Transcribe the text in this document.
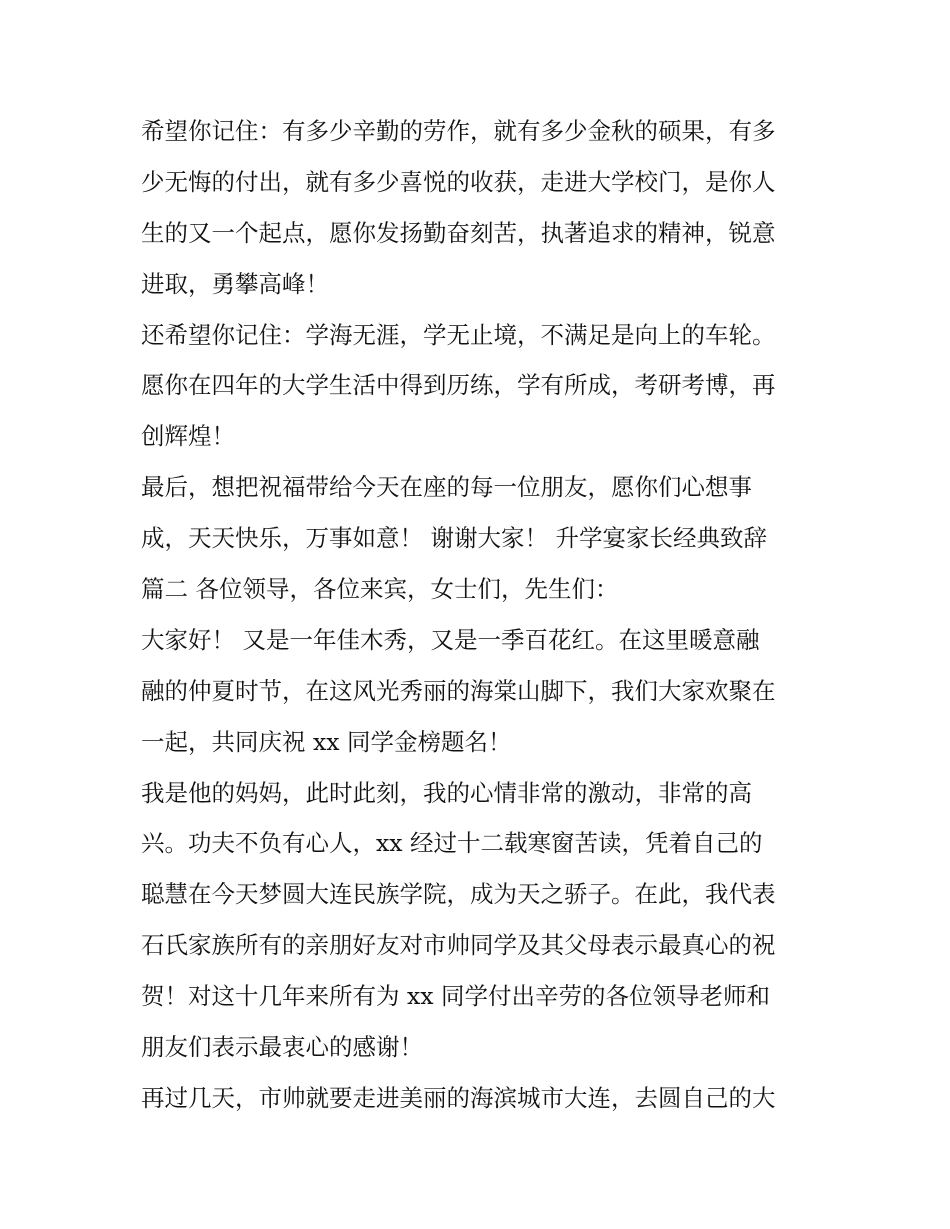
希望你记住：有多少辛勤的劳作，就有多少金秋的硕果，有多
少无悔的付出，就有多少喜悦的收获，走进大学校门，是你人
生的又一个起点，愿你发扬勤奋刻苦，执著追求的精神，锐意
进取，勇攀高峰！
还希望你记住：学海无涯，学无止境，不满足是向上的车轮。
愿你在四年的大学生活中得到历练，学有所成，考研考博，再
创辉煌！
最后，想把祝福带给今天在座的每一位朋友，愿你们心想事
成，天天快乐，万事如意！ 谢谢大家！ 升学宴家长经典致辞
篇二 各位领导，各位来宾，女士们，先生们：
大家好！ 又是一年佳木秀，又是一季百花红。在这里暖意融
融的仲夏时节，在这风光秀丽的海棠山脚下，我们大家欢聚在
一起，共同庆祝 xx 同学金榜题名！
我是他的妈妈，此时此刻，我的心情非常的激动，非常的高
兴。功夫不负有心人，xx 经过十二载寒窗苦读，凭着自己的
聪慧在今天梦圆大连民族学院，成为天之骄子。在此，我代表
石氏家族所有的亲朋好友对市帅同学及其父母表示最真心的祝
贺！对这十几年来所有为 xx 同学付出辛劳的各位领导老师和
朋友们表示最衷心的感谢！
再过几天，市帅就要走进美丽的海滨城市大连，去圆自己的大
